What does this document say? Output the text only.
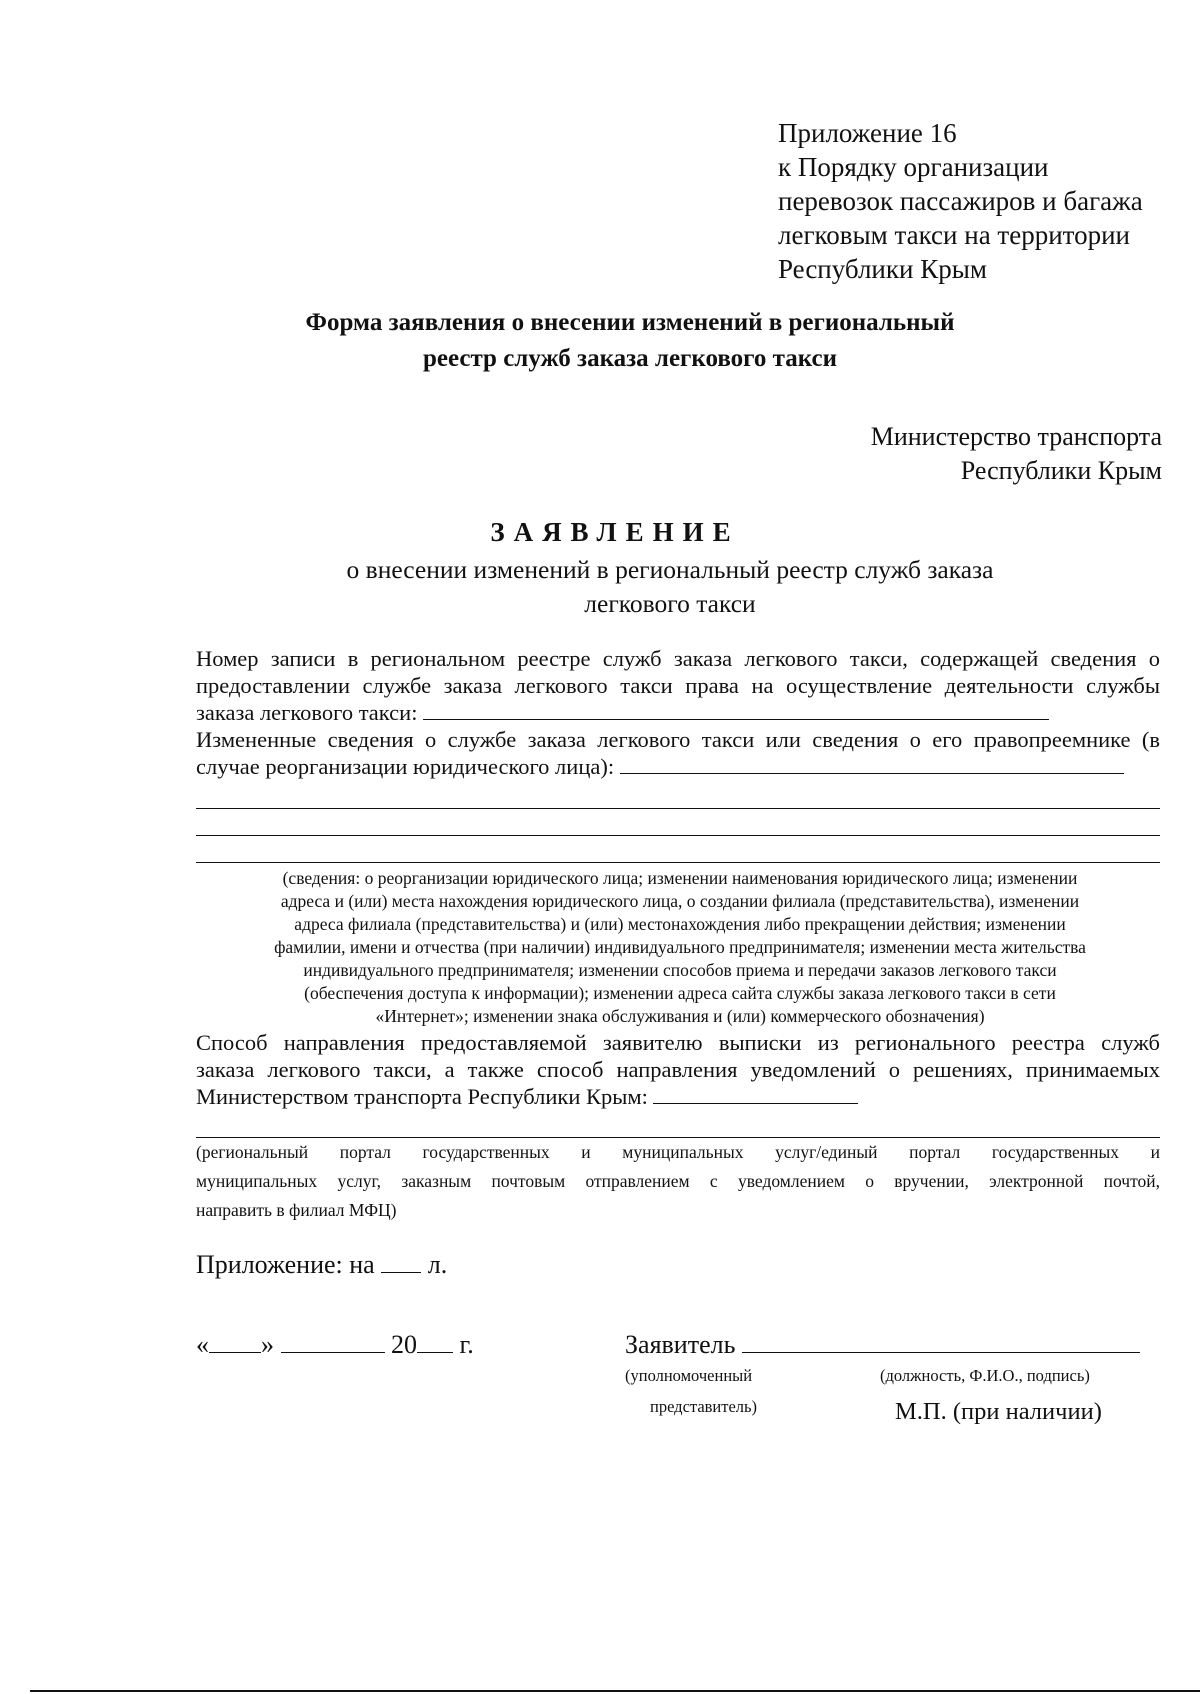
Приложение 16
к Порядку организации
перевозок пассажиров и багажа
легковым такси на территории
Республики Крым
Форма заявления о внесении изменений в региональный
реестр служб заказа легкового такси
Министерство транспорта
Республики Крым
ЗАЯВЛЕНИЕ
о внесении изменений в региональный реестр служб заказа
легкового такси
Номер записи в региональном реестре служб заказа легкового такси, содержащей сведения о
предоставлении службе заказа легкового такси права на осуществление деятельности службы
заказа легкового такси:
Измененные сведения о службе заказа легкового такси или сведения о его правопреемнике (в
случае реорганизации юридического лица):
(сведения: о реорганизации юридического лица; изменении наименования юридического лица; изменении
адреса и (или) места нахождения юридического лица, о создании филиала (представительства), изменении
адреса филиала (представительства) и (или) местонахождения либо прекращении действия; изменении
фамилии, имени и отчества (при наличии) индивидуального предпринимателя; изменении места жительства
индивидуального предпринимателя; изменении способов приема и передачи заказов легкового такси
(обеспечения доступа к информации); изменении адреса сайта службы заказа легкового такси в сети
«Интернет»; изменении знака обслуживания и (или) коммерческого обозначения)
Способ направления предоставляемой заявителю выписки из регионального реестра служб
заказа легкового такси, а также способ направления уведомлений о решениях, принимаемых
Министерством транспорта Республики Крым:
(региональный портал государственных и муниципальных услуг/единый портал государственных и
муниципальных услуг, заказным почтовым отправлением с уведомлением о вручении, электронной почтой,
направить в филиал МФЦ)
Приложение: на л.
« »	20 г.	Заявитель
(уполномоченный
представитель)
(должность, Ф.И.О., подпись)
М.П. (при наличии)
